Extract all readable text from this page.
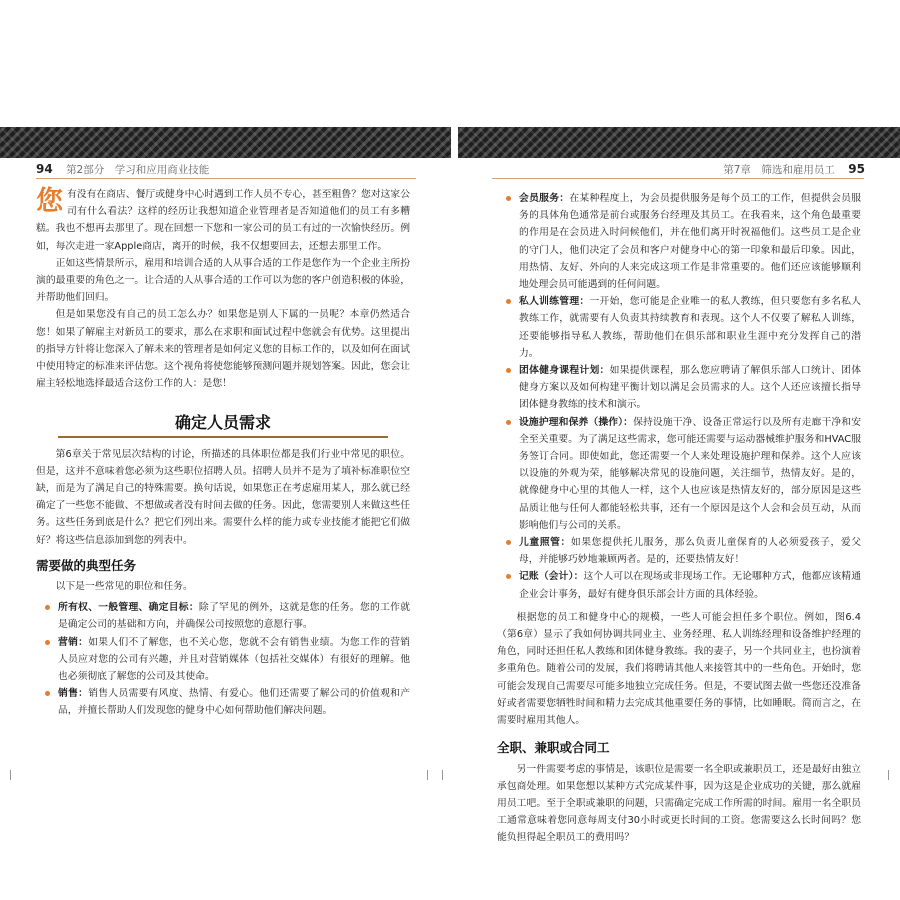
94 第2部分　学习和应用商业技能	第7章　筛选和雇用员工 95

您有没有在商店、餐厅或健身中心时遇到工作人员不专心，甚至粗鲁？您对这家公司有什么看法？这样的经历让我想知道企业管理者是否知道他们的员工有多糟糕。我也不想再去那里了。现在回想一下您和一家公司的员工有过的一次愉快经历。例如，每次走进一家Apple商店，离开的时候，我不仅想要回去，还想去那里工作。

正如这些情景所示，雇用和培训合适的人从事合适的工作是您作为一个企业主所扮演的最重要的角色之一。让合适的人从事合适的工作可以为您的客户创造积极的体验，并帮助他们回归。

但是如果您没有自己的员工怎么办？如果您是别人下属的一员呢？本章仍然适合您！如果了解雇主对新员工的要求，那么在求职和面试过程中您就会有优势。这里提出的指导方针将让您深入了解未来的管理者是如何定义您的目标工作的，以及如何在面试中使用特定的标准来评估您。这个视角将使您能够预测问题并规划答案。因此，您会让雇主轻松地选择最适合这份工作的人：是您！

确定人员需求

第6章关于常见层次结构的讨论，所描述的具体职位都是我们行业中常见的职位。但是，这并不意味着您必须为这些职位招聘人员。招聘人员并不是为了填补标准职位空缺，而是为了满足自己的特殊需要。换句话说，如果您正在考虑雇用某人，那么就已经确定了一些您不能做、不想做或者没有时间去做的任务。因此，您需要别人来做这些任务。这些任务到底是什么？把它们列出来。需要什么样的能力或专业技能才能把它们做好？将这些信息添加到您的列表中。

需要做的典型任务

以下是一些常见的职位和任务。

所有权、一般管理、确定目标：除了罕见的例外，这就是您的任务。您的工作就是确定公司的基础和方向，并确保公司按照您的意愿行事。
营销：如果人们不了解您，也不关心您，您就不会有销售业绩。为您工作的营销人员应对您的公司有兴趣，并且对营销媒体（包括社交媒体）有很好的理解。他也必须彻底了解您的公司及其使命。
销售：销售人员需要有风度、热情、有爱心。他们还需要了解公司的价值观和产品，并擅长帮助人们发现您的健身中心如何帮助他们解决问题。
会员服务：在某种程度上，为会员提供服务是每个员工的工作，但提供会员服务的具体角色通常是前台或服务台经理及其员工。在我看来，这个角色最重要的作用是在会员进入时问候他们，并在他们离开时祝福他们。这些员工是企业的守门人，他们决定了会员和客户对健身中心的第一印象和最后印象。因此，用热情、友好、外向的人来完成这项工作是非常重要的。他们还应该能够顺利地处理会员可能遇到的任何问题。
私人训练管理：一开始，您可能是企业唯一的私人教练，但只要您有多名私人教练工作，就需要有人负责其持续教育和表现。这个人不仅要了解私人训练，还要能够指导私人教练，帮助他们在俱乐部和职业生涯中充分发挥自己的潜力。
团体健身课程计划：如果提供课程，那么您应聘请了解俱乐部人口统计、团体健身方案以及如何构建平衡计划以满足会员需求的人。这个人还应该擅长指导团体健身教练的技术和演示。
设施护理和保养（操作）：保持设施干净、设备正常运行以及所有走廊干净和安全至关重要。为了满足这些需求，您可能还需要与运动器械维护服务和HVAC服务签订合同。即使如此，您还需要一个人来处理设施护理和保养。这个人应该以设施的外观为荣，能够解决常见的设施问题，关注细节，热情友好。是的，就像健身中心里的其他人一样，这个人也应该是热情友好的，部分原因是这些品质让他与任何人都能轻松共事，还有一个原因是这个人会和会员互动，从而影响他们与公司的关系。
儿童照管：如果您提供托儿服务，那么负责儿童保育的人必须爱孩子，爱父母，并能够巧妙地兼顾两者。是的，还要热情友好！
记账（会计）：这个人可以在现场或非现场工作。无论哪种方式，他都应该精通企业会计事务，最好有健身俱乐部会计方面的具体经验。

根据您的员工和健身中心的规模，一些人可能会担任多个职位。例如，图6.4（第6章）显示了我如何协调共同业主、业务经理、私人训练经理和设备维护经理的角色，同时还担任私人教练和团体健身教练。我的妻子，另一个共同业主，也扮演着多重角色。随着公司的发展，我们将聘请其他人来接管其中的一些角色。开始时，您可能会发现自己需要尽可能多地独立完成任务。但是，不要试图去做一些您还没准备好或者需要您牺牲时间和精力去完成其他重要任务的事情，比如睡眠。简而言之，在需要时雇用其他人。

全职、兼职或合同工

另一件需要考虑的事情是，该职位是需要一名全职或兼职员工，还是最好由独立承包商处理。如果您想以某种方式完成某件事，因为这是企业成功的关键，那么就雇用员工吧。至于全职或兼职的问题，只需确定完成工作所需的时间。雇用一名全职员工通常意味着您同意每周支付30小时或更长时间的工资。您需要这么长时间吗？您能负担得起全职员工的费用吗？
